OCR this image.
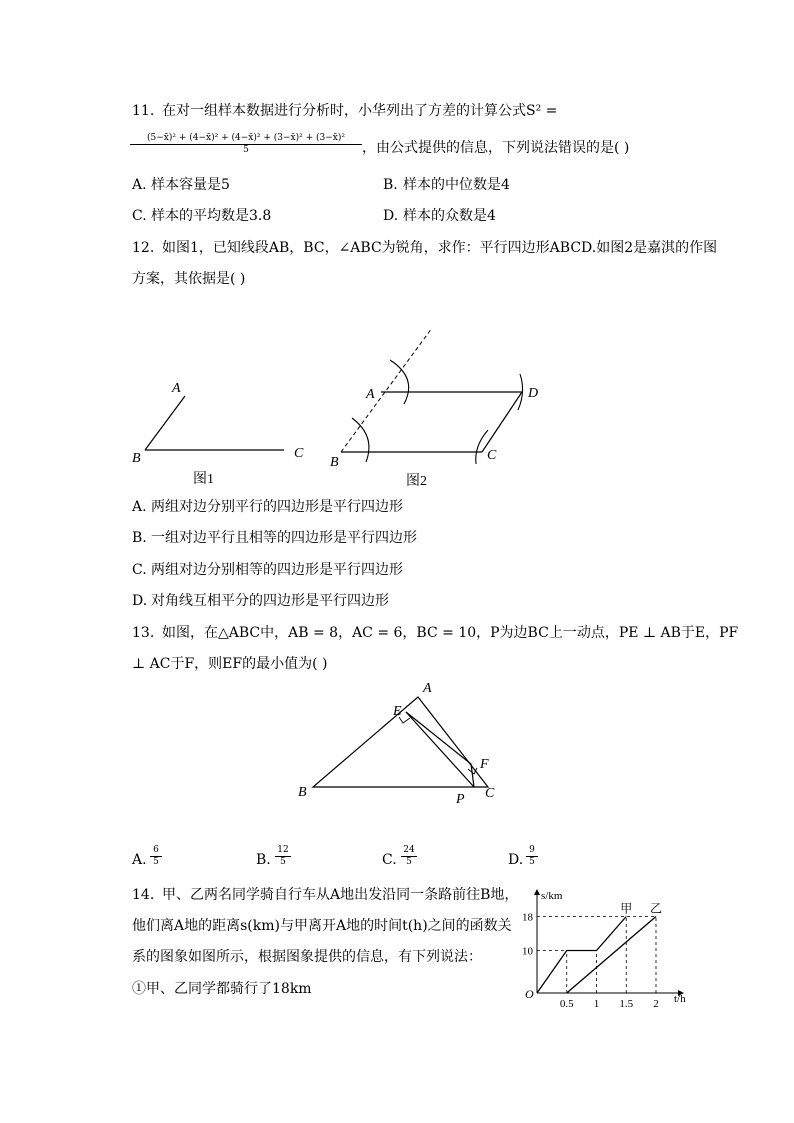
11. 在对一组样本数据进行分析时，小华列出了方差的计算公式S² =
$\frac{\text{(5−x̄)² + (4−x̄)² + (4−x̄)² + (3−x̄)² + (3−x̄)²}}{5}$ ，由公式提供的信息，下列说法错误的是( )
A. 样本容量是5	B. 样本的中位数是4
C. 样本的平均数是3.8	D. 样本的众数是4
12. 如图1，已知线段AB，BC，∠ABC为锐角，求作：平行四边形ABCD.如图2是嘉淇的作图
方案，其依据是( )
A
B	C
图1
A
B	C
D
图2
A. 两组对边分别平行的四边形是平行四边形
B. 一组对边平行且相等的四边形是平行四边形
C. 两组对边分别相等的四边形是平行四边形
D. 对角线互相平分的四边形是平行四边形
13. 如图，在△ABC中，AB = 8，AC = 6，BC = 10，P为边BC上一动点，PE ⊥ AB于E，PF
⊥ AC于F，则EF的最小值为( )
A
B	C
E
F
P
A. $\frac{6}{5}$	B. $\frac{12}{5}$	C. $\frac{24}{5}$	D. $\frac{9}{5}$
14. 甲、乙两名同学骑自行车从A地出发沿同一条路前往B地，
他们离A地的距离s(km)与甲离开A地的时间t(h)之间的函数关
系的图象如图所示，根据图象提供的信息，有下列说法：
①甲、乙同学都骑行了18km
s/km
t/h
O
0.5 1 1.5 2
10
18
甲 乙
